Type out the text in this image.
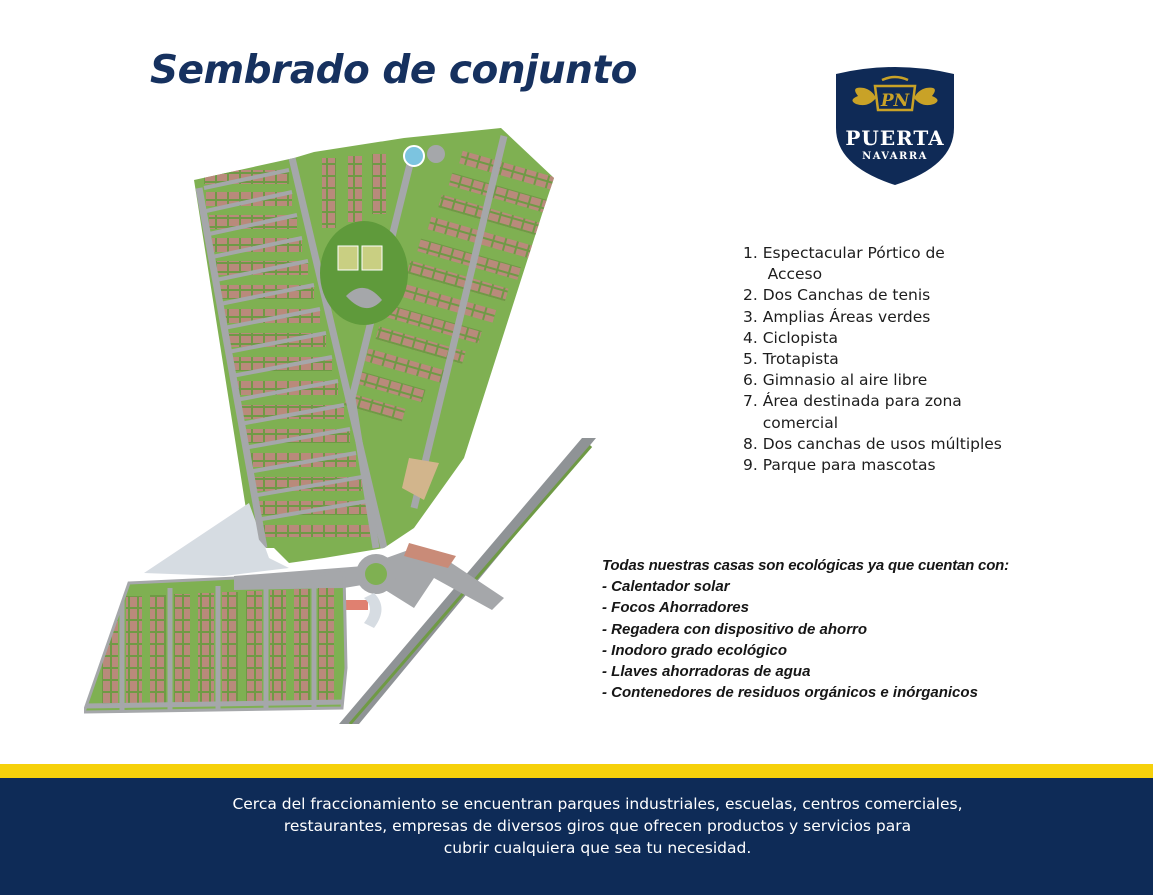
Sembrado de conjunto
PN
PUERTA
NAVARRA
1. Espectacular Pórtico de
Acceso
2. Dos Canchas de tenis
3. Amplias Áreas verdes
4. Ciclopista
5. Trotapista
6. Gimnasio al aire libre
7. Área destinada para zona
comercial
8. Dos canchas de usos múltiples
9. Parque para mascotas
Todas nuestras casas son ecológicas ya que cuentan con:
- Calentador solar
- Focos Ahorradores
- Regadera con dispositivo de ahorro
- Inodoro grado ecológico
- Llaves ahorradoras de agua
- Contenedores de residuos orgánicos e inórganicos

Cerca del fraccionamiento se encuentran parques industriales, escuelas, centros comerciales,
restaurantes, empresas de diversos giros que ofrecen productos y servicios para
cubrir cualquiera que sea tu necesidad.
